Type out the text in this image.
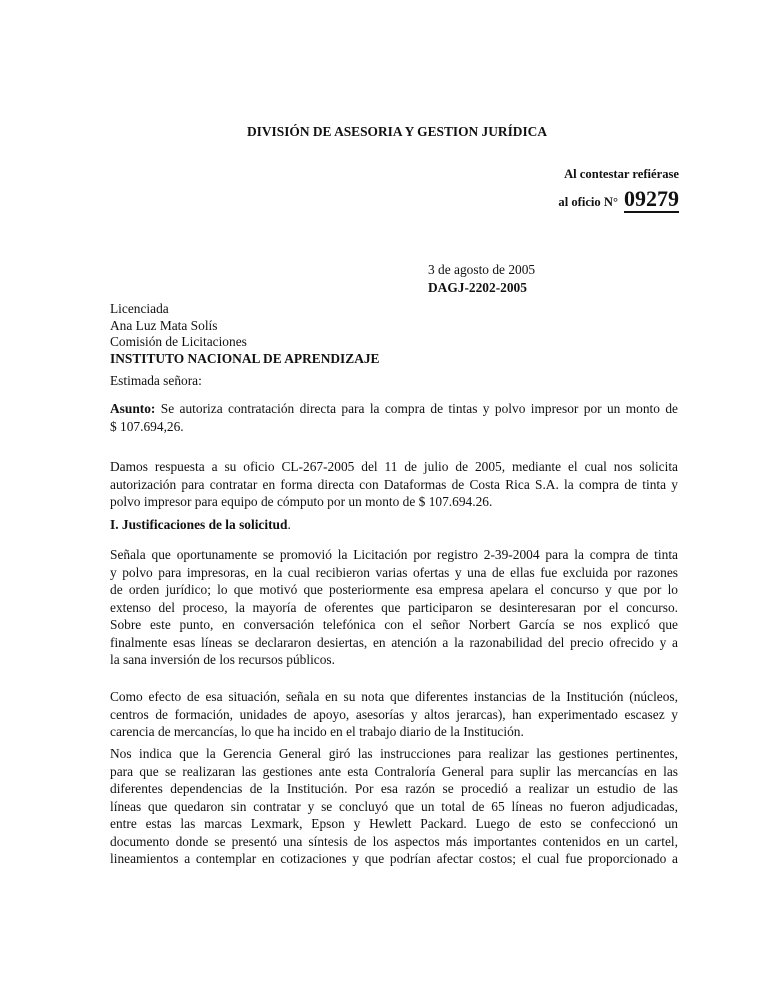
DIVISIÓN DE ASESORIA Y GESTION JURÍDICA
Al contestar refiérase
al oficio N° 09279
3 de agosto de 2005
DAGJ-2202-2005
Licenciada
Ana Luz Mata Solís
Comisión de Licitaciones
INSTITUTO NACIONAL DE APRENDIZAJE
Estimada señora:
Asunto: Se autoriza contratación directa para la compra de tintas y polvo impresor por un monto de
$ 107.694,26.
Damos respuesta a su oficio CL-267-2005 del 11 de julio de 2005, mediante el cual nos solicita
autorización para contratar en forma directa con Dataformas de Costa Rica S.A. la compra de tinta y
polvo impresor para equipo de cómputo por un monto de $ 107.694.26.
I. Justificaciones de la solicitud.
Señala que oportunamente se promovió la Licitación por registro 2-39-2004 para la compra de tinta
y polvo para impresoras, en la cual recibieron varias ofertas y una de ellas fue excluida por razones
de orden jurídico; lo que motivó que posteriormente esa empresa apelara el concurso y que por lo
extenso del proceso, la mayoría de oferentes que participaron se desinteresaran por el concurso.
Sobre este punto, en conversación telefónica con el señor Norbert García se nos explicó que
finalmente esas líneas se declararon desiertas, en atención a la razonabilidad del precio ofrecido y a
la sana inversión de los recursos públicos.
Como efecto de esa situación, señala en su nota que diferentes instancias de la Institución (núcleos,
centros de formación, unidades de apoyo, asesorías y altos jerarcas), han experimentado escasez y
carencia de mercancías, lo que ha incido en el trabajo diario de la Institución.
Nos indica que la Gerencia General giró las instrucciones para realizar las gestiones pertinentes,
para que se realizaran las gestiones ante esta Contraloría General para suplir las mercancías en las
diferentes dependencias de la Institución. Por esa razón se procedió a realizar un estudio de las
líneas que quedaron sin contratar y se concluyó que un total de 65 líneas no fueron adjudicadas,
entre estas las marcas Lexmark, Epson y Hewlett Packard. Luego de esto se confeccionó un
documento donde se presentó una síntesis de los aspectos más importantes contenidos en un cartel,
lineamientos a contemplar en cotizaciones y que podrían afectar costos; el cual fue proporcionado a
